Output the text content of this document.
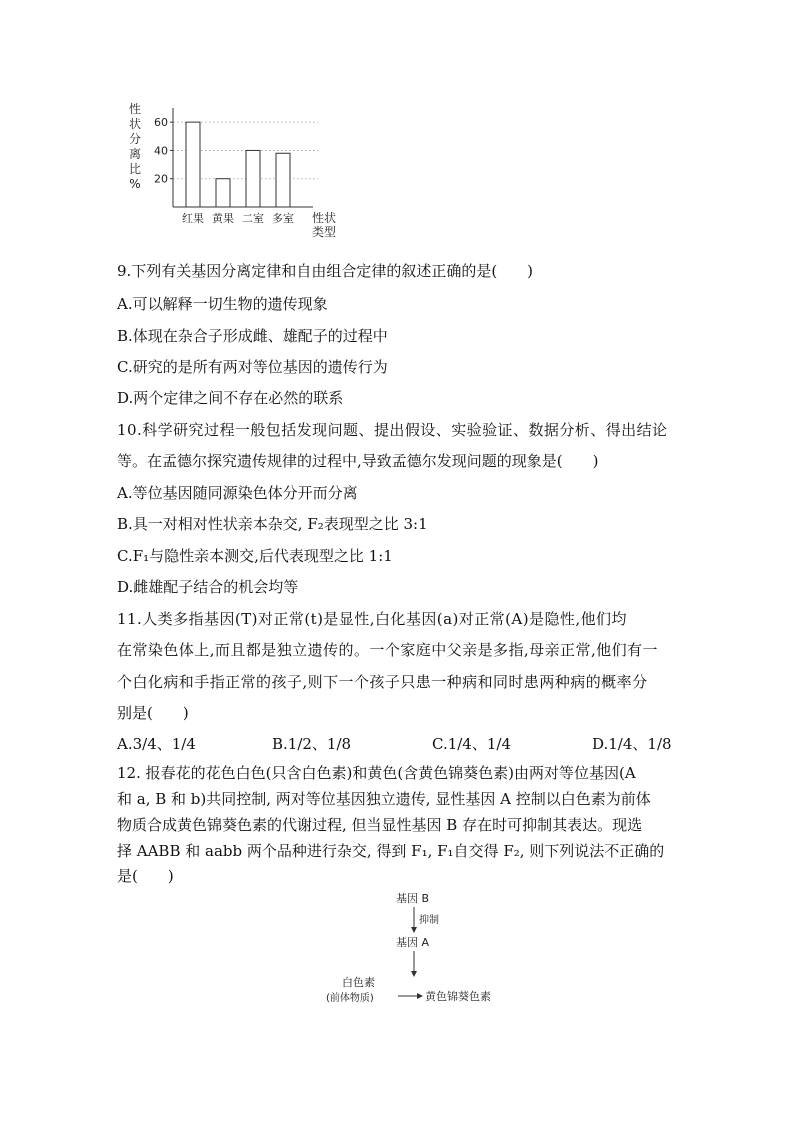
20
40
60
红果 黄果 二室 多室
性状分离比%
性状类型
9.下列有关基因分离定律和自由组合定律的叙述正确的是(　　)
A.可以解释一切生物的遗传现象
B.体现在杂合子形成雌、雄配子的过程中
C.研究的是所有两对等位基因的遗传行为
D.两个定律之间不存在必然的联系
10.科学研究过程一般包括发现问题、提出假设、实验验证、数据分析、得出结论
等。在孟德尔探究遗传规律的过程中,导致孟德尔发现问题的现象是(　　)
A.等位基因随同源染色体分开而分离
B.具一对相对性状亲本杂交, F₂表现型之比 3:1
C.F₁与隐性亲本测交,后代表现型之比 1:1
D.雌雄配子结合的机会均等
11.人类多指基因(T)对正常(t)是显性,白化基因(a)对正常(A)是隐性,他们均
在常染色体上,而且都是独立遗传的。一个家庭中父亲是多指,母亲正常,他们有一
个白化病和手指正常的孩子,则下一个孩子只患一种病和同时患两种病的概率分
别是(　　)
A.3/4、1/4	B.1/2、1/8	C.1/4、1/4	D.1/4、1/8
12. 报春花的花色白色(只含白色素)和黄色(含黄色锦葵色素)由两对等位基因(A
和 a, B 和 b)共同控制, 两对等位基因独立遗传, 显性基因 A 控制以白色素为前体
物质合成黄色锦葵色素的代谢过程, 但当显性基因 B 存在时可抑制其表达。现选
择 AABB 和 aabb 两个品种进行杂交, 得到 F₁, F₁自交得 F₂, 则下列说法不正确的
是(　　)
基因 B
抑制
基因 A
白色素
(前体物质)	黄色锦葵色素
